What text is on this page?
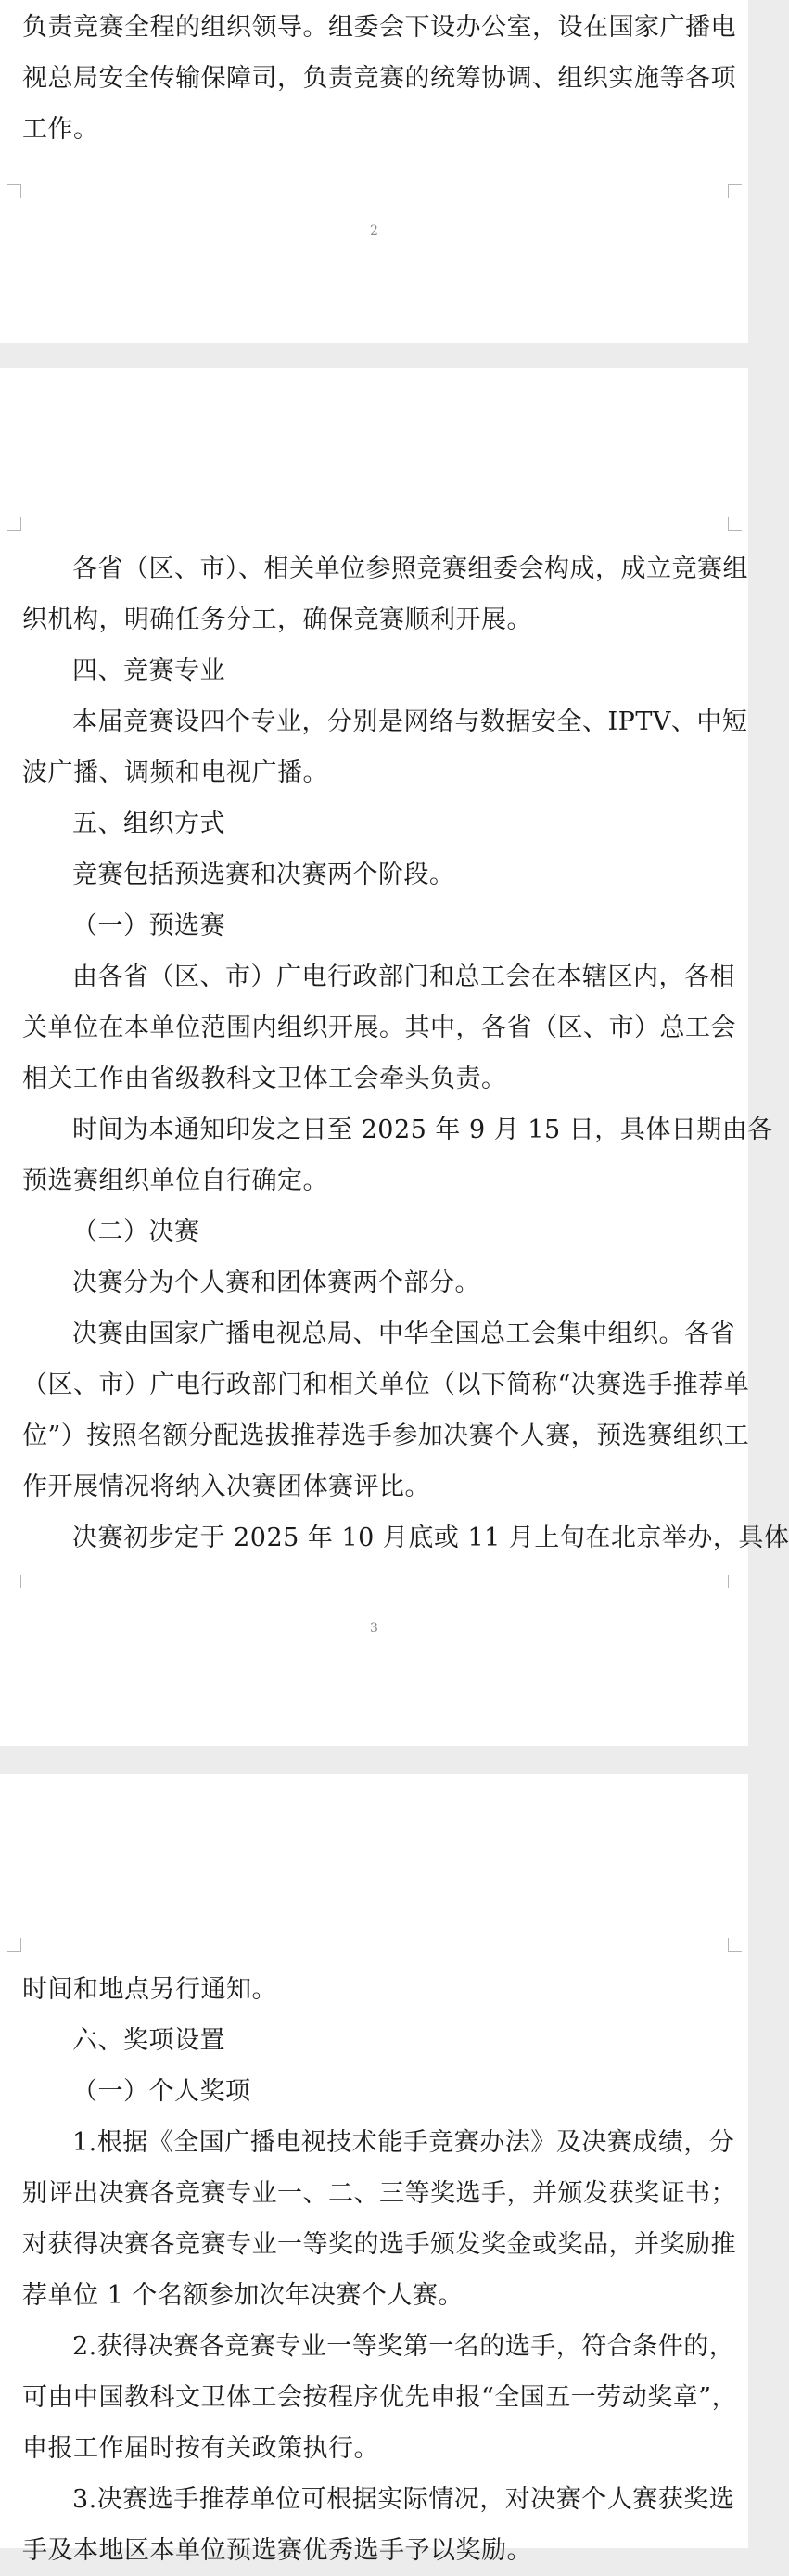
负责竞赛全程的组织领导。组委会下设办公室，设在国家广播电
视总局安全传输保障司，负责竞赛的统筹协调、组织实施等各项
工作。
2
各省（区、市）、相关单位参照竞赛组委会构成，成立竞赛组
织机构，明确任务分工，确保竞赛顺利开展。
四、竞赛专业
本届竞赛设四个专业，分别是网络与数据安全、IPTV、中短
波广播、调频和电视广播。
五、组织方式
竞赛包括预选赛和决赛两个阶段。
（一）预选赛
由各省（区、市）广电行政部门和总工会在本辖区内，各相
关单位在本单位范围内组织开展。其中，各省（区、市）总工会
相关工作由省级教科文卫体工会牵头负责。
时间为本通知印发之日至 2025 年 9 月 15 日，具体日期由各
预选赛组织单位自行确定。
（二）决赛
决赛分为个人赛和团体赛两个部分。
决赛由国家广播电视总局、中华全国总工会集中组织。各省
（区、市）广电行政部门和相关单位（以下简称“决赛选手推荐单
位”）按照名额分配选拔推荐选手参加决赛个人赛，预选赛组织工
作开展情况将纳入决赛团体赛评比。
决赛初步定于 2025 年 10 月底或 11 月上旬在北京举办，具体
3
时间和地点另行通知。
六、奖项设置
（一）个人奖项
1.根据《全国广播电视技术能手竞赛办法》及决赛成绩，分
别评出决赛各竞赛专业一、二、三等奖选手，并颁发获奖证书；
对获得决赛各竞赛专业一等奖的选手颁发奖金或奖品，并奖励推
荐单位 1 个名额参加次年决赛个人赛。
2.获得决赛各竞赛专业一等奖第一名的选手，符合条件的，
可由中国教科文卫体工会按程序优先申报“全国五一劳动奖章”，
申报工作届时按有关政策执行。
3.决赛选手推荐单位可根据实际情况，对决赛个人赛获奖选
手及本地区本单位预选赛优秀选手予以奖励。
